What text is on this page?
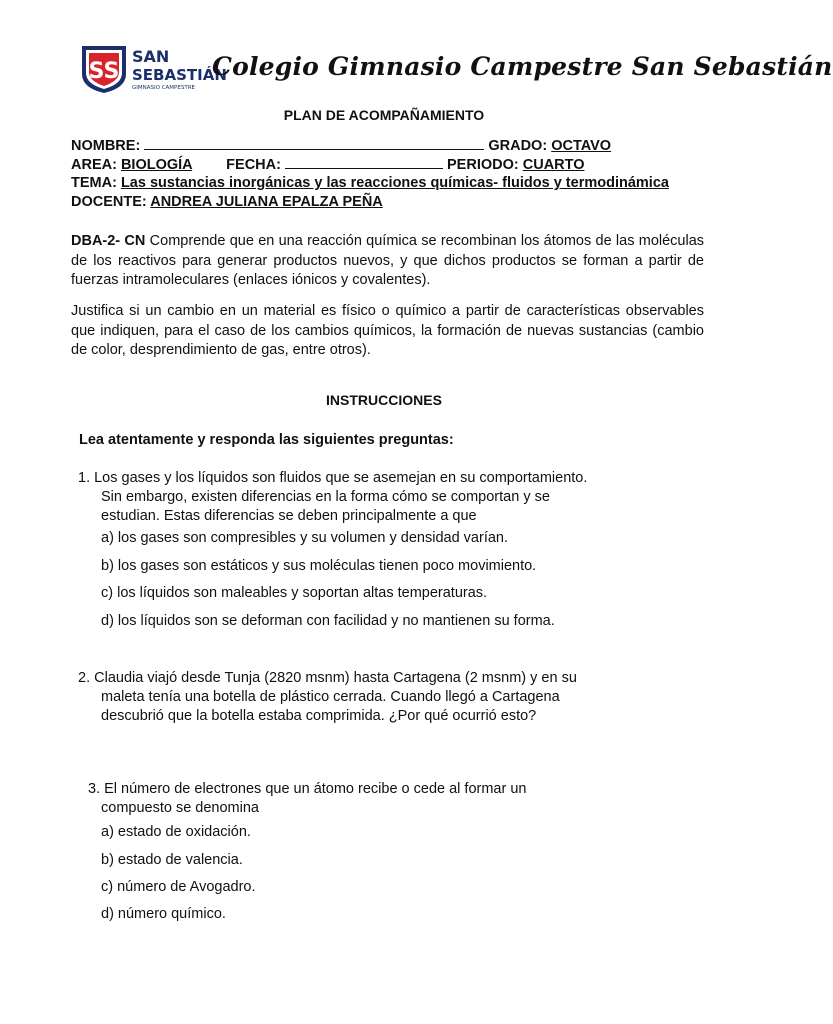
SS
SAN
SEBASTIÁN
GIMNASIO CAMPESTRE
Colegio Gimnasio Campestre San Sebastián
PLAN DE ACOMPAÑAMIENTO
NOMBRE:	GRADO: OCTAVO
AREA: BIOLOGÍA FECHA:	PERIODO: CUARTO
TEMA: Las sustancias inorgánicas y las reacciones químicas- fluidos y termodinámica
DOCENTE: ANDREA JULIANA EPALZA PEÑA
DBA-2- CN Comprende que en una reacción química se recombinan los átomos de las moléculas de los reactivos para generar productos nuevos, y que dichos productos se forman a partir de fuerzas intramoleculares (enlaces iónicos y covalentes).
Justifica si un cambio en un material es físico o químico a partir de características observables que indiquen, para el caso de los cambios químicos, la formación de nuevas sustancias (cambio de color, desprendimiento de gas, entre otros).
INSTRUCCIONES
Lea atentamente y responda las siguientes preguntas:
1. Los gases y los líquidos son fluidos que se asemejan en su comportamiento.
Sin embargo, existen diferencias en la forma cómo se comportan y se
estudian. Estas diferencias se deben principalmente a que
a) los gases son compresibles y su volumen y densidad varían.
b) los gases son estáticos y sus moléculas tienen poco movimiento.
c) los líquidos son maleables y soportan altas temperaturas.
d) los líquidos son se deforman con facilidad y no mantienen su forma.
2. Claudia viajó desde Tunja (2820 msnm) hasta Cartagena (2 msnm) y en su
maleta tenía una botella de plástico cerrada. Cuando llegó a Cartagena
descubrió que la botella estaba comprimida. ¿Por qué ocurrió esto?
3. El número de electrones que un átomo recibe o cede al formar un
compuesto se denomina
a) estado de oxidación.
b) estado de valencia.
c) número de Avogadro.
d) número químico.
